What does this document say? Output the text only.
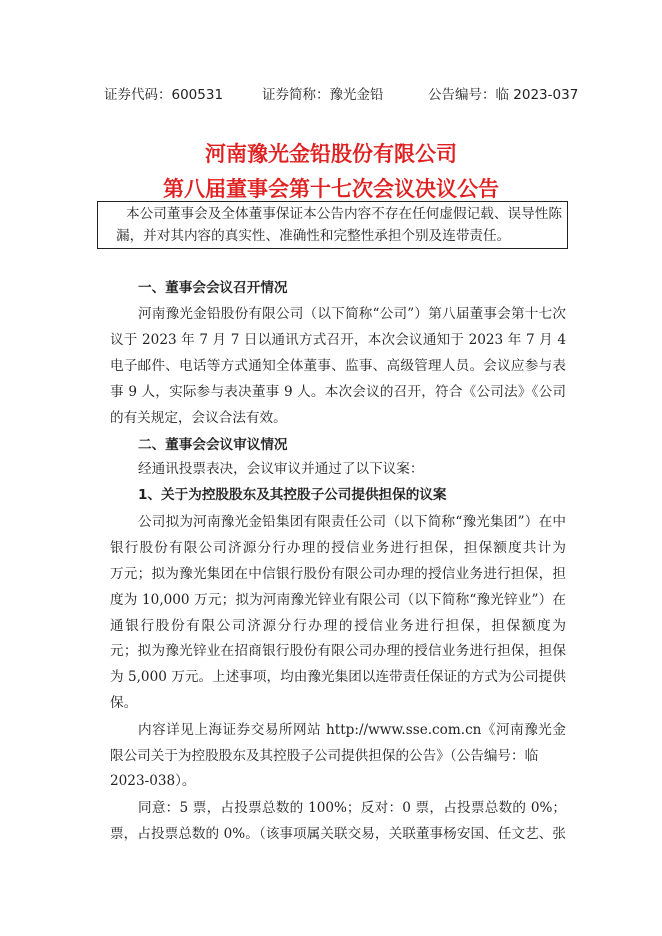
证券代码：600531	证券简称：豫光金铅	公告编号：临 2023-037
河南豫光金铅股份有限公司
第八届董事会第十七次会议决议公告
本公司董事会及全体董事保证本公告内容不存在任何虚假记载、误导性陈
漏，并对其内容的真实性、准确性和完整性承担个别及连带责任。
一、董事会会议召开情况
河南豫光金铅股份有限公司（以下简称“公司”）第八届董事会第十七次
议于 2023 年 7 月 7 日以通讯方式召开，本次会议通知于 2023 年 7 月 4
电子邮件、电话等方式通知全体董事、监事、高级管理人员。会议应参与表
事 9 人，实际参与表决董事 9 人。本次会议的召开，符合《公司法》《公司
的有关规定，会议合法有效。
二、董事会会议审议情况
经通讯投票表决，会议审议并通过了以下议案：
1、关于为控股股东及其控股子公司提供担保的议案
公司拟为河南豫光金铅集团有限责任公司（以下简称“豫光集团”）在中
银行股份有限公司济源分行办理的授信业务进行担保，担保额度共计为
万元；拟为豫光集团在中信银行股份有限公司办理的授信业务进行担保，担
度为 10,000 万元；拟为河南豫光锌业有限公司（以下简称“豫光锌业”）在
通银行股份有限公司济源分行办理的授信业务进行担保，担保额度为
元；拟为豫光锌业在招商银行股份有限公司办理的授信业务进行担保，担保
为 5,000 万元。上述事项，均由豫光集团以连带责任保证的方式为公司提供
保。
内容详见上海证券交易所网站 http://www.sse.com.cn《河南豫光金
限公司关于为控股股东及其控股子公司提供担保的公告》（公告编号：临
2023-038）。
同意：5 票，占投票总数的 100%；反对：0 票，占投票总数的 0%；
票，占投票总数的 0%。（该事项属关联交易，关联董事杨安国、任文艺、张
